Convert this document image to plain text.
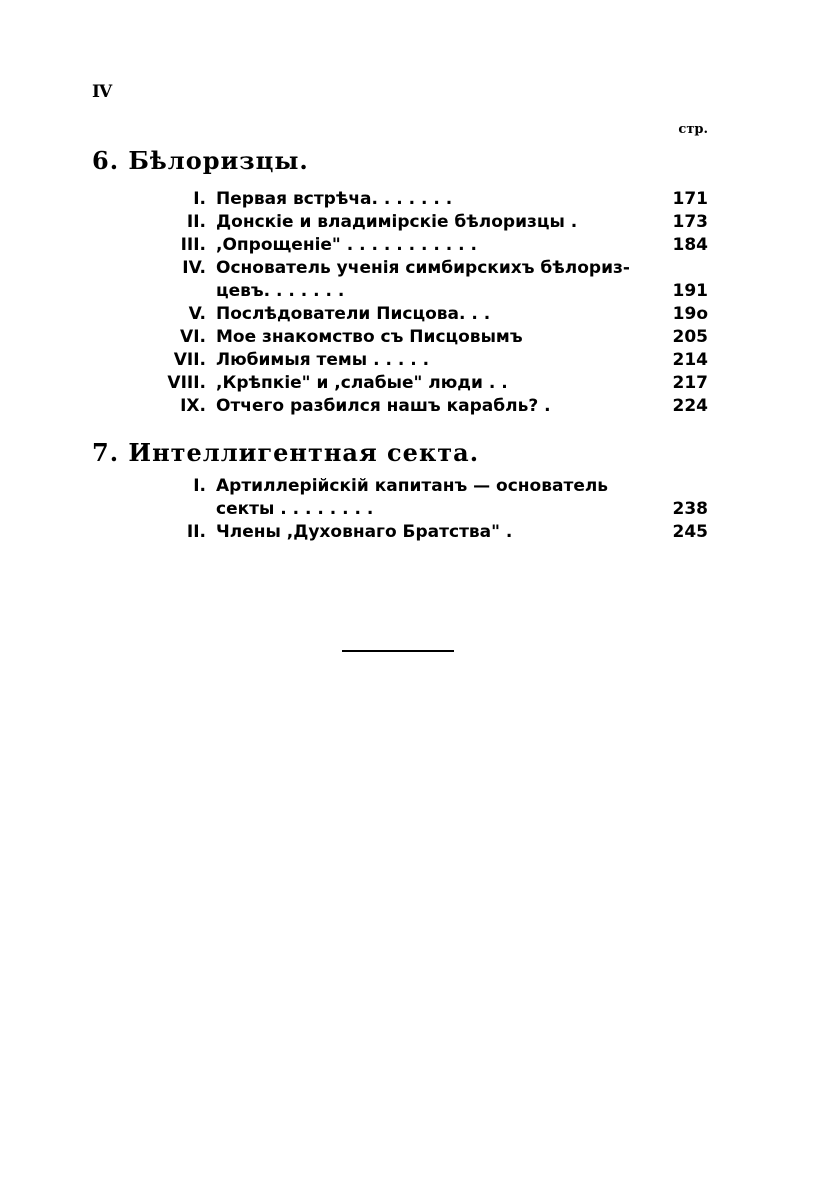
IV
стр.
6. Бѣлоризцы.
I. Первая встрѣча. . . . . . .	171
II. Донскіе и владимірскіе бѣлоризцы .	173
III. ,Опрощеніе" . . . . . . . . . . .	184
IV. Основатель ученія симбирскихъ бѣлориз-
цевъ. . . . . . .	191
V. Послѣдователи Писцова. . .	19о
VI. Мое знакомство съ Писцовымъ	205
VII. Любимыя темы . . . . .	214
VIII. ,Крѣпкіе" и ,слабые" люди . .	217
IX. Отчего разбился нашъ карабль? .	224
7. Интеллигентная секта.
I. Артиллерійскій капитанъ — основатель
секты . . . . . . . .	238
II. Члены ,Духовнаго Братства" .	245
